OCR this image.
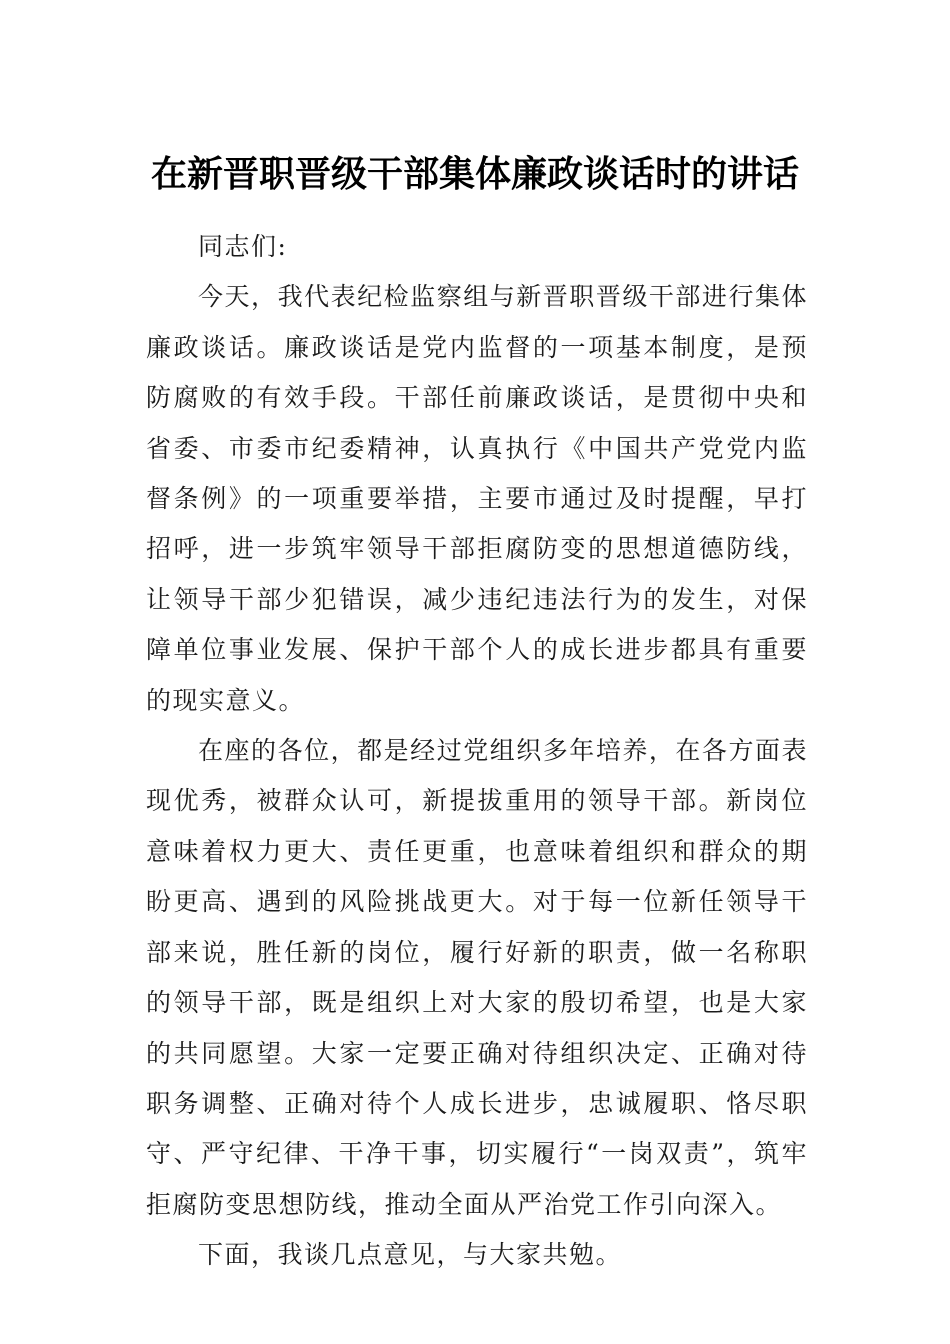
在新晋职晋级干部集体廉政谈话时的讲话

同志们:

今天，我代表纪检监察组与新晋职晋级干部进行集体廉政谈话。廉政谈话是党内监督的一项基本制度，是预防腐败的有效手段。干部任前廉政谈话，是贯彻中央和省委、市委市纪委精神，认真执行《中国共产党党内监督条例》的一项重要举措，主要市通过及时提醒，早打招呼，进一步筑牢领导干部拒腐防变的思想道德防线，让领导干部少犯错误，减少违纪违法行为的发生，对保障单位事业发展、保护干部个人的成长进步都具有重要的现实意义。

在座的各位，都是经过党组织多年培养，在各方面表现优秀，被群众认可，新提拔重用的领导干部。新岗位意味着权力更大、责任更重，也意味着组织和群众的期盼更高、遇到的风险挑战更大。对于每一位新任领导干部来说，胜任新的岗位，履行好新的职责，做一名称职的领导干部，既是组织上对大家的殷切希望，也是大家的共同愿望。大家一定要正确对待组织决定、正确对待职务调整、正确对待个人成长进步，忠诚履职、恪尽职守、严守纪律、干净干事，切实履行“一岗双责”，筑牢拒腐防变思想防线，推动全面从严治党工作引向深入。

下面，我谈几点意见，与大家共勉。
